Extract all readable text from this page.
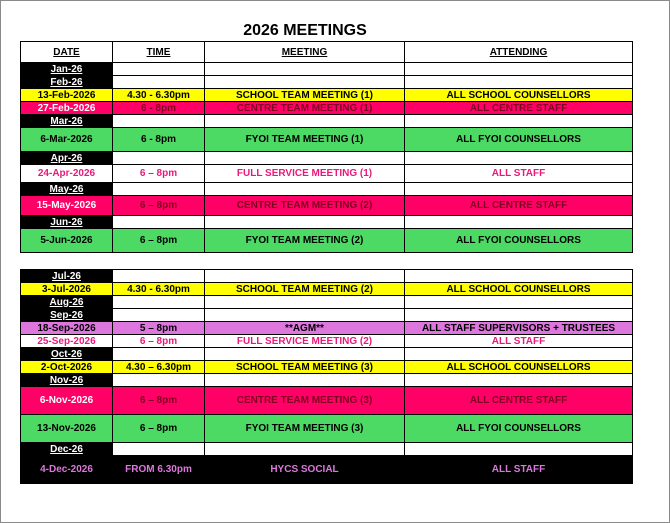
2026 MEETINGS
DATE	TIME	MEETING	ATTENDING
Jan-26			
Feb-26			
13-Feb-2026	4.30 - 6.30pm	SCHOOL TEAM MEETING (1)	ALL SCHOOL COUNSELLORS
27-Feb-2026	6 - 8pm	CENTRE TEAM MEETING (1)	ALL CENTRE STAFF
Mar-26			
6-Mar-2026	6 - 8pm	FYOI TEAM MEETING (1)	ALL FYOI COUNSELLORS
Apr-26			
24-Apr-2026	6 – 8pm	FULL SERVICE MEETING (1)	ALL STAFF
May-26			
15-May-2026	6 – 8pm	CENTRE TEAM MEETING (2)	ALL CENTRE STAFF
Jun-26			
5-Jun-2026	6 – 8pm	FYOI TEAM MEETING (2)	ALL FYOI COUNSELLORS
Jul-26			
3-Jul-2026	4.30 - 6.30pm	SCHOOL TEAM MEETING (2)	ALL SCHOOL COUNSELLORS
Aug-26			
Sep-26			
18-Sep-2026	5 – 8pm	**AGM**	ALL STAFF SUPERVISORS + TRUSTEES
25-Sep-2026	6 – 8pm	FULL SERVICE MEETING (2)	ALL STAFF
Oct-26			
2-Oct-2026	4.30 – 6.30pm	SCHOOL TEAM MEETING (3)	ALL SCHOOL COUNSELLORS
Nov-26			
6-Nov-2026	6 – 8pm	CENTRE TEAM MEETING (3)	ALL CENTRE STAFF
13-Nov-2026	6 – 8pm	FYOI TEAM MEETING (3)	ALL FYOI COUNSELLORS
Dec-26			
4-Dec-2026	FROM 6.30pm	HYCS SOCIAL	ALL STAFF
